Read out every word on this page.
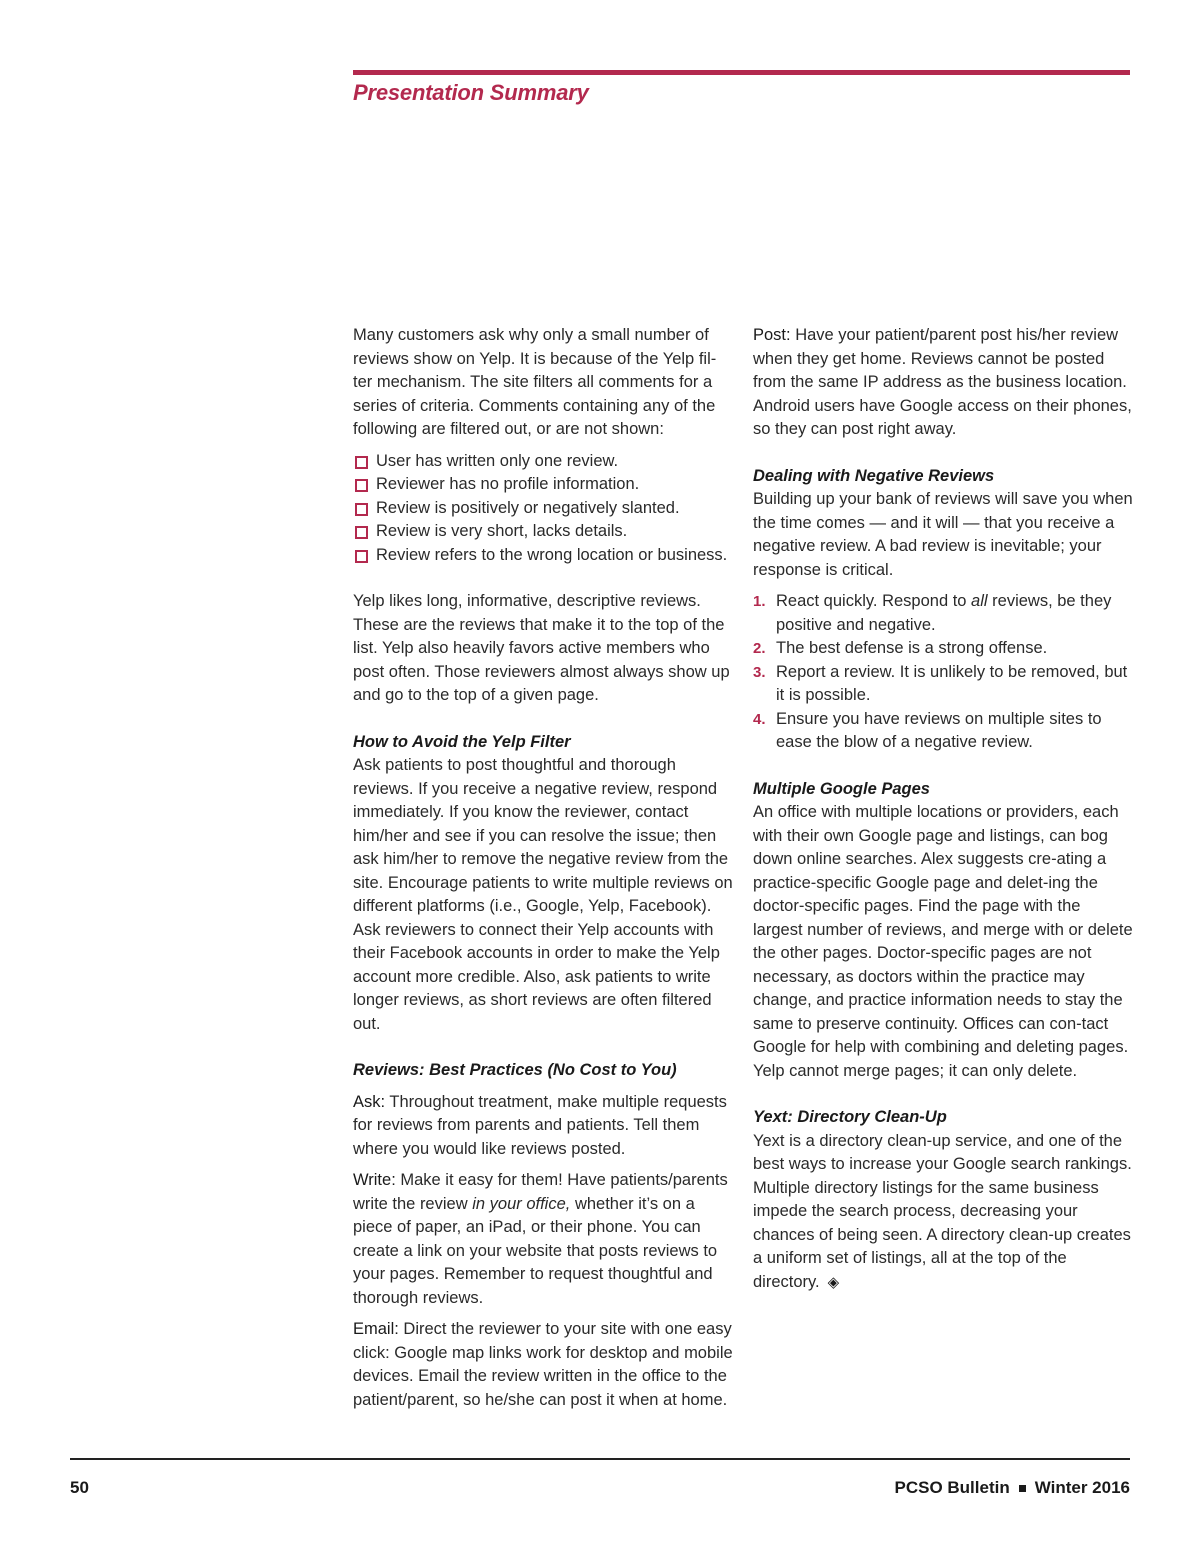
Presentation Summary

Many customers ask why only a small number of reviews show on Yelp. It is because of the Yelp fil-ter mechanism. The site filters all comments for a series of criteria. Comments containing any of the following are filtered out, or are not shown:

User has written only one review.
Reviewer has no profile information.
Review is positively or negatively slanted.
Review is very short, lacks details.
Review refers to the wrong location or business.

Yelp likes long, informative, descriptive reviews. These are the reviews that make it to the top of the list. Yelp also heavily favors active members who post often. Those reviewers almost always show up and go to the top of a given page.

How to Avoid the Yelp Filter

Ask patients to post thoughtful and thorough reviews. If you receive a negative review, respond immediately. If you know the reviewer, contact him/her and see if you can resolve the issue; then ask him/her to remove the negative review from the site. Encourage patients to write multiple reviews on different platforms (i.e., Google, Yelp, Facebook). Ask reviewers to connect their Yelp accounts with their Facebook accounts in order to make the Yelp account more credible. Also, ask patients to write longer reviews, as short reviews are often filtered out.

Reviews: Best Practices (No Cost to You)

Ask: Throughout treatment, make multiple requests for reviews from parents and patients. Tell them where you would like reviews posted.

Write: Make it easy for them! Have patients/parents write the review in your office, whether it’s on a piece of paper, an iPad, or their phone. You can create a link on your website that posts reviews to your pages. Remember to request thoughtful and thorough reviews.

Email: Direct the reviewer to your site with one easy click: Google map links work for desktop and mobile devices. Email the review written in the office to the patient/parent, so he/she can post it when at home.

Post: Have your patient/parent post his/her review when they get home. Reviews cannot be posted from the same IP address as the business location. Android users have Google access on their phones, so they can post right away.

Dealing with Negative Reviews

Building up your bank of reviews will save you when the time comes — and it will — that you receive a negative review. A bad review is inevitable; your response is critical.

1. React quickly. Respond to all reviews, be they positive and negative.
2. The best defense is a strong offense.
3. Report a review. It is unlikely to be removed, but it is possible.
4. Ensure you have reviews on multiple sites to ease the blow of a negative review.
Multiple Google Pages

An office with multiple locations or providers, each with their own Google page and listings, can bog down online searches. Alex suggests cre-ating a practice-specific Google page and delet-ing the doctor-specific pages. Find the page with the largest number of reviews, and merge with or delete the other pages. Doctor-specific pages are not necessary, as doctors within the practice may change, and practice information needs to stay the same to preserve continuity. Offices can con-tact Google for help with combining and deleting pages. Yelp cannot merge pages; it can only delete.

Yext: Directory Clean-Up

Yext is a directory clean-up service, and one of the best ways to increase your Google search rankings. Multiple directory listings for the same business impede the search process, decreasing your chances of being seen. A directory clean-up creates a uniform set of listings, all at the top of the directory. ◈

50	PCSO Bulletin Winter 2016
